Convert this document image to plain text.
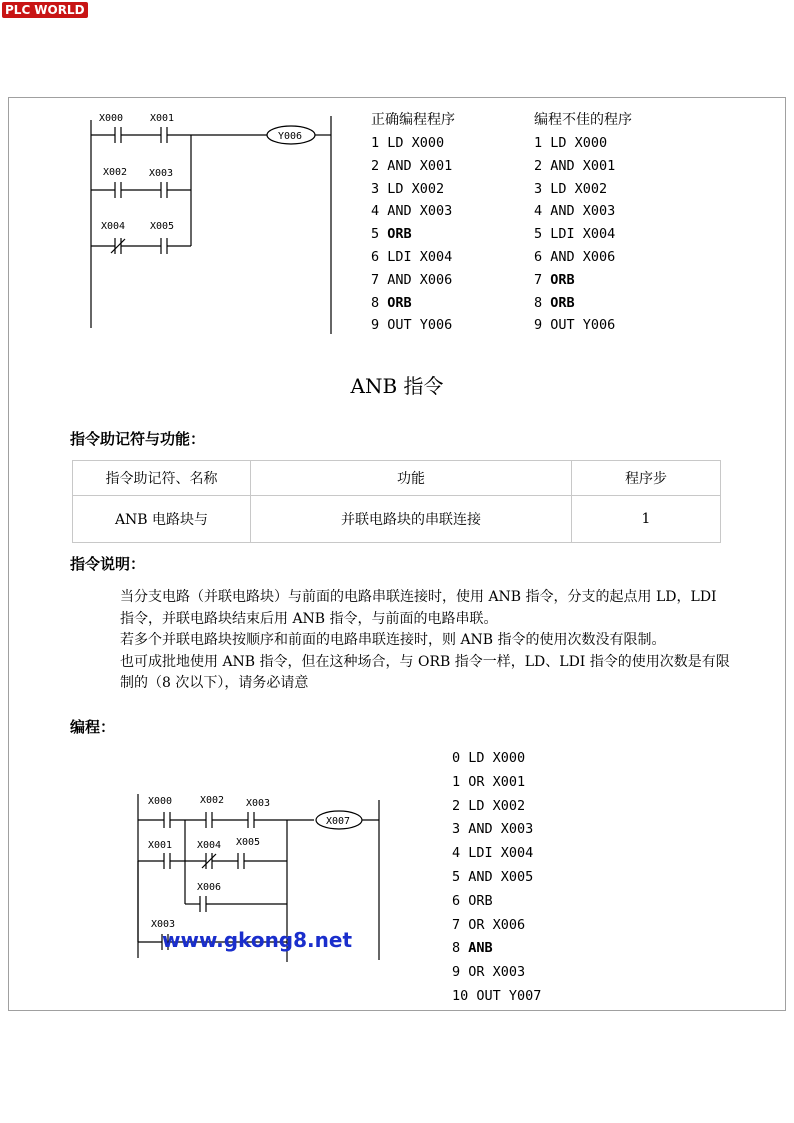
PLC WORLD
X000	X001
X002 X003
X004 X005
Y006
正确编程程序
1 LD X000
2 AND X001
3 LD X002
4 AND X003
5 ORB
6 LDI X004
7 AND X006
8 ORB
9 OUT Y006
编程不佳的程序
1 LD X000
2 AND X001
3 LD X002
4 AND X003
5 LDI X004
6 AND X006
7 ORB
8 ORB
9 OUT Y006
ANB 指令
指令助记符与功能：
指令助记符、名称	功能	程序步
ANB 电路块与	并联电路块的串联连接	1
指令说明：

当分支电路（并联电路块）与前面的电路串联连接时，使用 ANB 指令，分支的起点用 LD，LDI 指令，并联电路块结束后用 ANB 指令，与前面的电路串联。

若多个并联电路块按顺序和前面的电路串联连接时，则 ANB 指令的使用次数没有限制。

也可成批地使用 ANB 指令，但在这种场合，与 ORB 指令一样，LD、LDI 指令的使用次数是有限制的（8 次以下），请务必请意

编程：
X000	X002 X003
X001 X004 X005
X006
X003
X007
www.gkong8.net
0 LD X000
1 OR X001
2 LD X002
3 AND X003
4 LDI X004
5 AND X005
6 ORB
7 OR X006
8 ANB
9 OR X003
10 OUT Y007
